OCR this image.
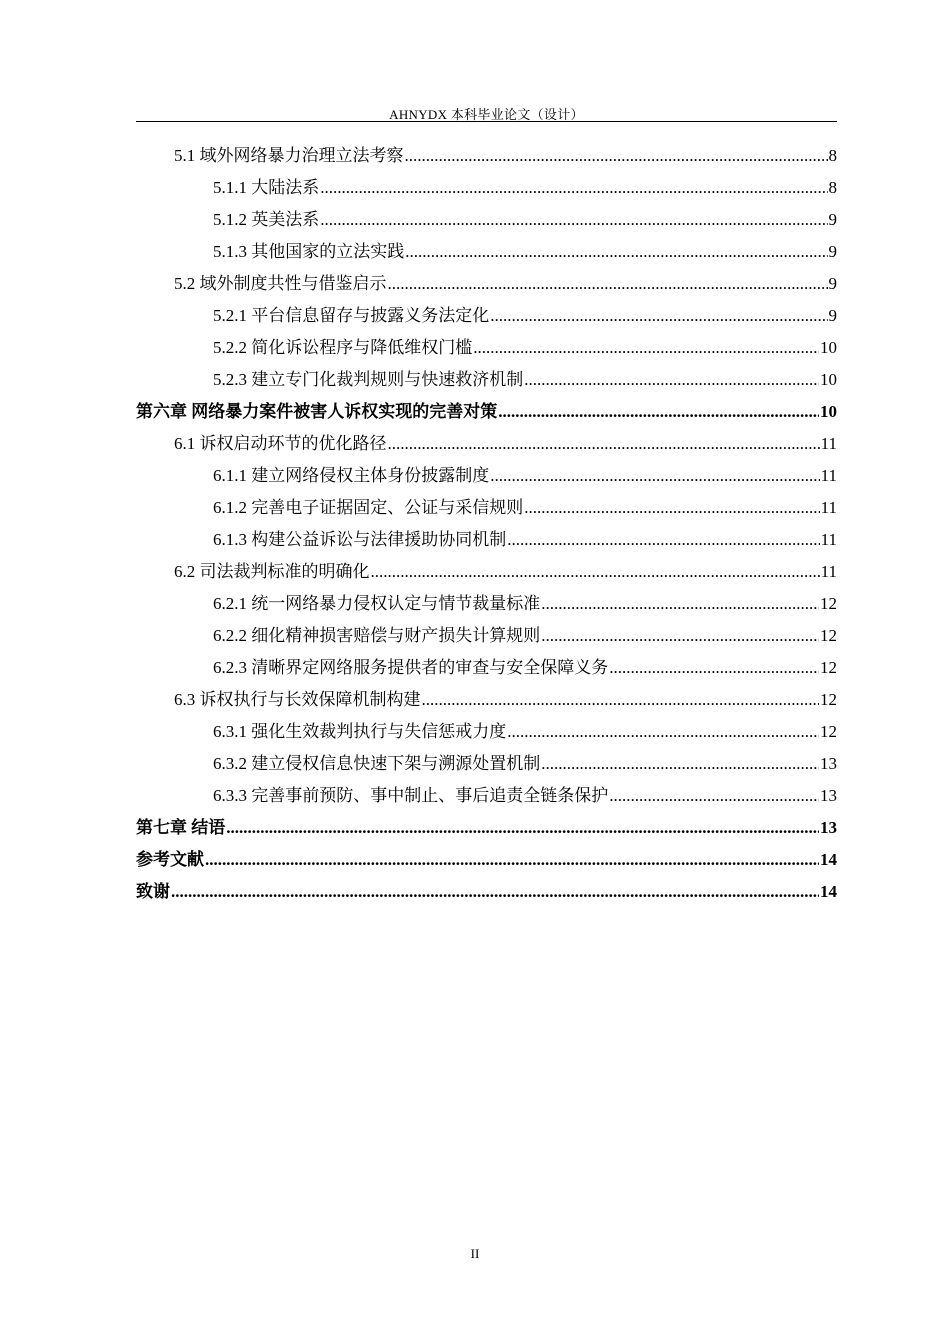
AHNYDX 本科毕业论文（设计）
5.1 域外网络暴力治理立法考察 .....	8
5.1.1 大陆法系 .....	8
5.1.2 英美法系 .....	9
5.1.3 其他国家的立法实践 .....	9
5.2 域外制度共性与借鉴启示 .....	9
5.2.1 平台信息留存与披露义务法定化 .....	9
5.2.2 简化诉讼程序与降低维权门槛 .....	10
5.2.3 建立专门化裁判规则与快速救济机制 .....	10
第六章 网络暴力案件被害人诉权实现的完善对策 .....	10
6.1 诉权启动环节的优化路径 .....	11
6.1.1 建立网络侵权主体身份披露制度 .....	11
6.1.2 完善电子证据固定、公证与采信规则 .....	11
6.1.3 构建公益诉讼与法律援助协同机制 .....	11
6.2 司法裁判标准的明确化 .....	11
6.2.1 统一网络暴力侵权认定与情节裁量标准 .....	12
6.2.2 细化精神损害赔偿与财产损失计算规则 .....	12
6.2.3 清晰界定网络服务提供者的审查与安全保障义务 .....	12
6.3 诉权执行与长效保障机制构建 .....	12
6.3.1 强化生效裁判执行与失信惩戒力度 .....	12
6.3.2 建立侵权信息快速下架与溯源处置机制 .....	13
6.3.3 完善事前预防、事中制止、事后追责全链条保护 .....	13
第七章 结语 .....	13
参考文献 .....	14
致谢 .....	14
II
